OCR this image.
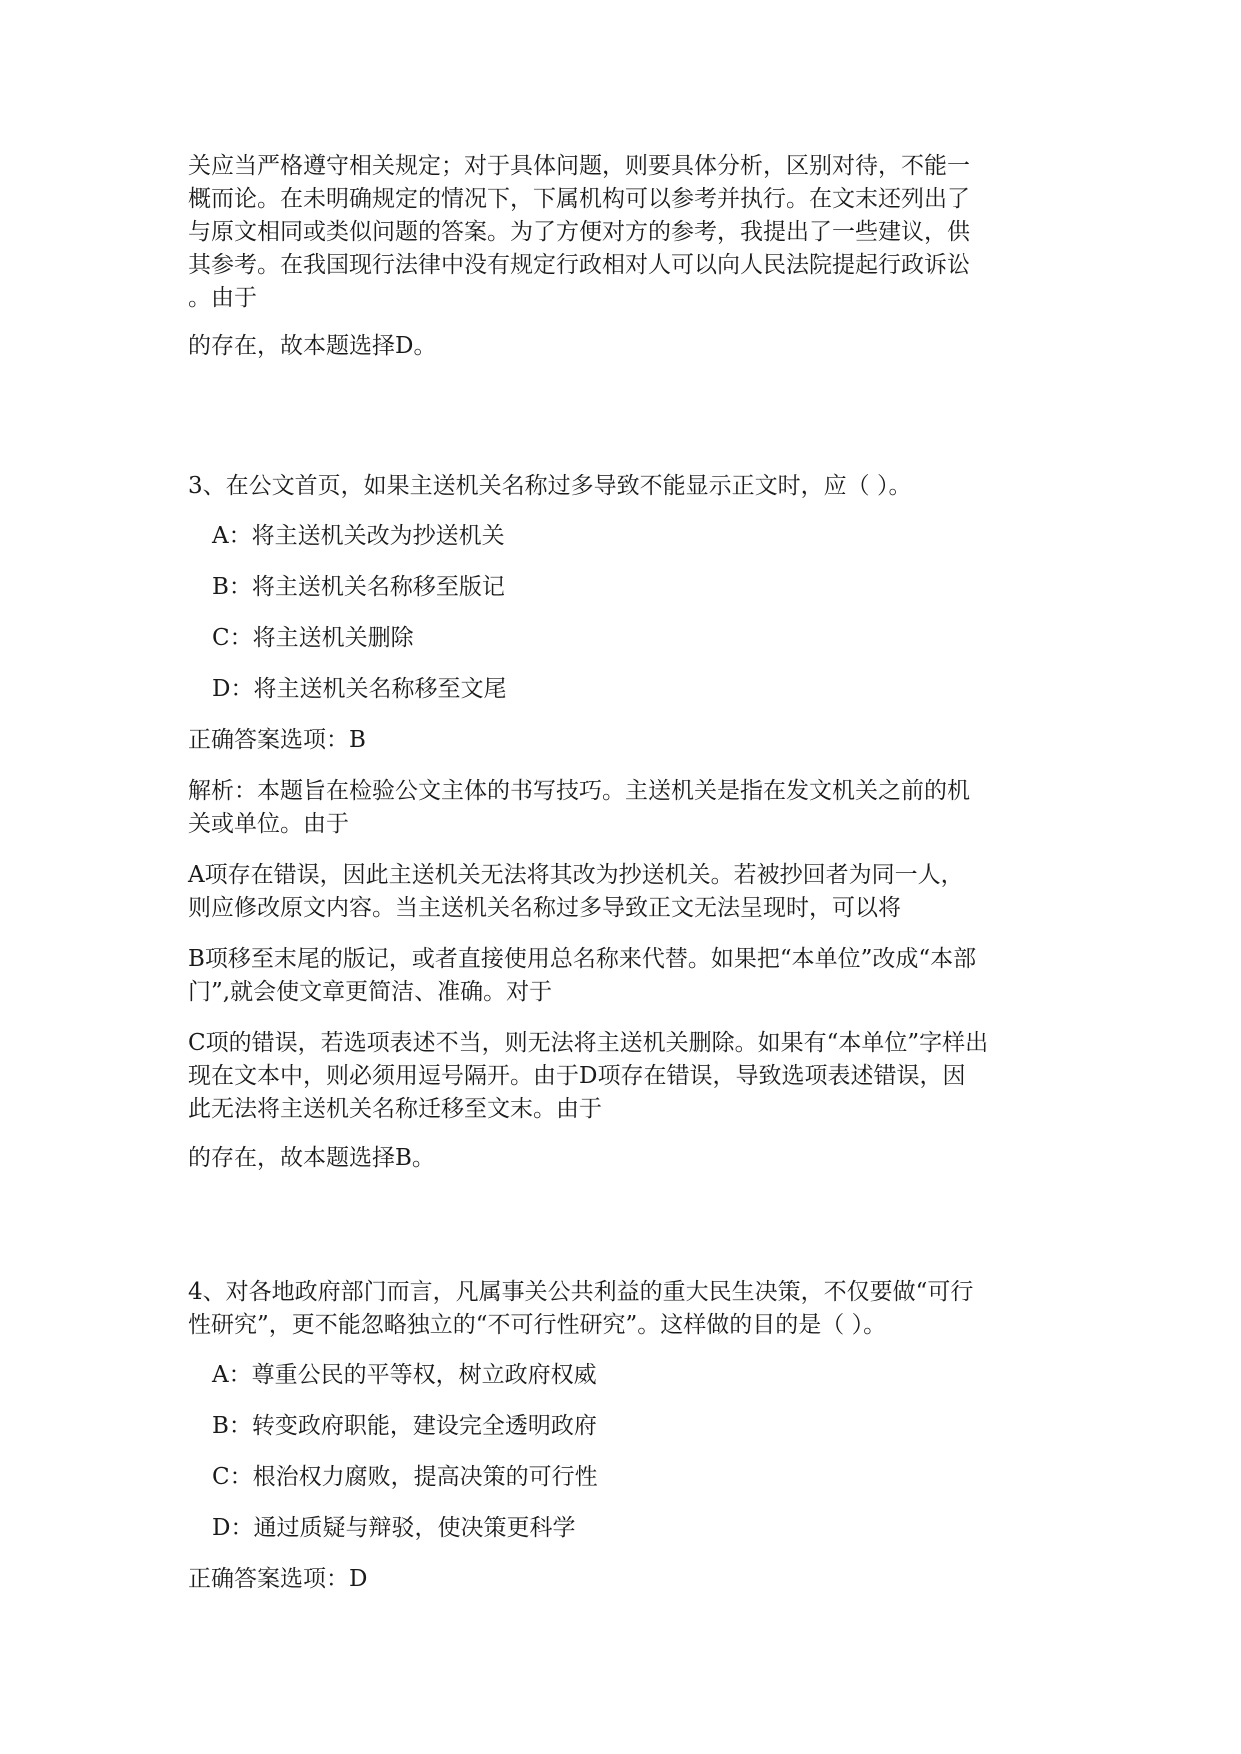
关应当严格遵守相关规定；对于具体问题，则要具体分析，区别对待，不能一
概而论。在未明确规定的情况下，下属机构可以参考并执行。在文末还列出了
与原文相同或类似问题的答案。为了方便对方的参考，我提出了一些建议，供
其参考。在我国现行法律中没有规定行政相对人可以向人民法院提起行政诉讼
。由于
的存在，故本题选择D。
3、在公文首页，如果主送机关名称过多导致不能显示正文时，应（ ）。
A：将主送机关改为抄送机关
B：将主送机关名称移至版记
C：将主送机关删除
D：将主送机关名称移至文尾
正确答案选项：B
解析：本题旨在检验公文主体的书写技巧。主送机关是指在发文机关之前的机
关或单位。由于
A项存在错误，因此主送机关无法将其改为抄送机关。若被抄回者为同一人，
则应修改原文内容。当主送机关名称过多导致正文无法呈现时，可以将
B项移至末尾的版记，或者直接使用总名称来代替。如果把“本单位”改成“本部
门”,就会使文章更简洁、准确。对于
C项的错误，若选项表述不当，则无法将主送机关删除。如果有“本单位”字样出
现在文本中，则必须用逗号隔开。由于D项存在错误，导致选项表述错误，因
此无法将主送机关名称迁移至文末。由于
的存在，故本题选择B。
4、对各地政府部门而言，凡属事关公共利益的重大民生决策，不仅要做“可行
性研究”，更不能忽略独立的“不可行性研究”。这样做的目的是（ ）。
A：尊重公民的平等权，树立政府权威
B：转变政府职能，建设完全透明政府
C：根治权力腐败，提高决策的可行性
D：通过质疑与辩驳，使决策更科学
正确答案选项：D
